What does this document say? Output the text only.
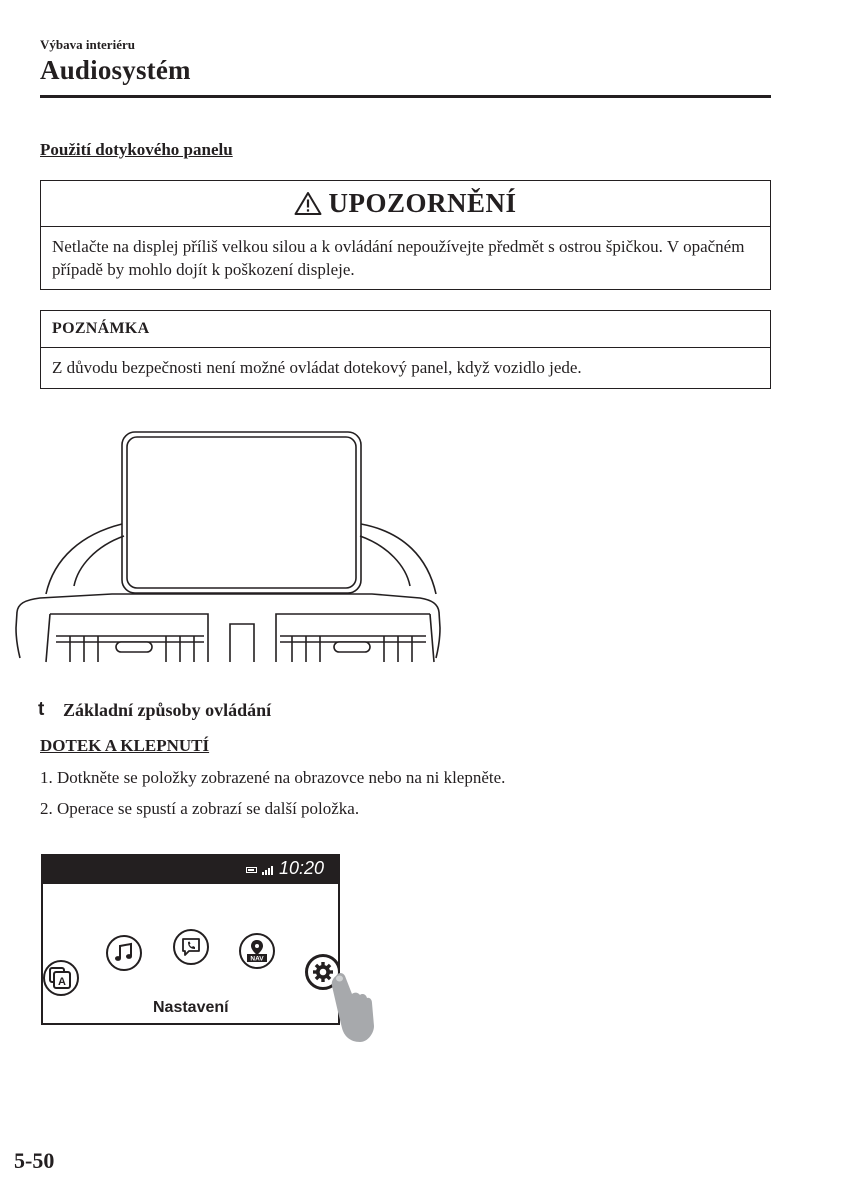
Výbava interiéru
Audiosystém
Použití dotykového panelu
UPOZORNĚNÍ
Netlačte na displej příliš velkou silou a k ovládání nepoužívejte předmět s ostrou špičkou. V opačném případě by mohlo dojít k poškození displeje.
POZNÁMKA
Z důvodu bezpečnosti není možné ovládat dotekový panel, když vozidlo jede.
t Základní způsoby ovládání
DOTEK A KLEPNUTÍ
1. Dotkněte se položky zobrazené na obrazovce nebo na ni klepněte.
2. Operace se spustí a zobrazí se další položka.
10:20
A
NAV
Nastavení
5-50
